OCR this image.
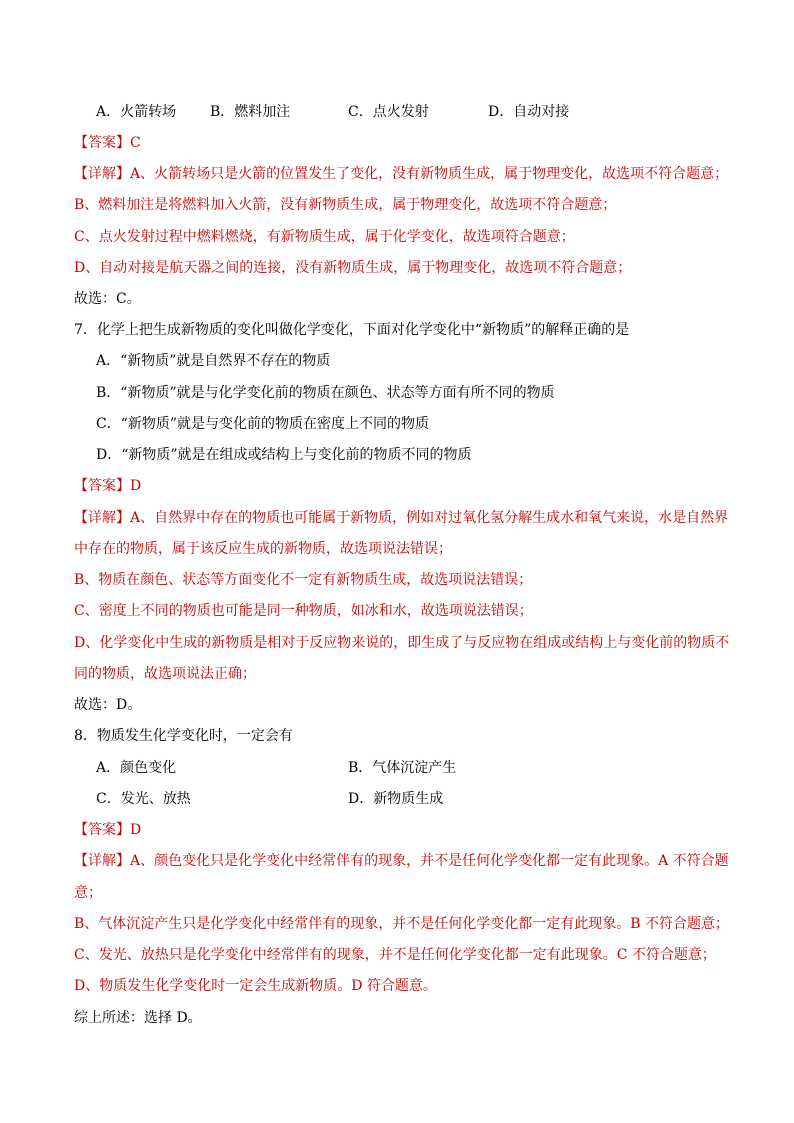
A．火箭转场 B．燃料加注	C．点火发射	D．自动对接
【答案】C
【详解】A、火箭转场只是火箭的位置发生了变化，没有新物质生成，属于物理变化，故选项不符合题意；
B、燃料加注是将燃料加入火箭，没有新物质生成，属于物理变化，故选项不符合题意；
C、点火发射过程中燃料燃烧，有新物质生成，属于化学变化，故选项符合题意；
D、自动对接是航天器之间的连接，没有新物质生成，属于物理变化，故选项不符合题意；
故选：C。
7．化学上把生成新物质的变化叫做化学变化，下面对化学变化中“新物质”的解释正确的是
A．“新物质”就是自然界不存在的物质
B．“新物质”就是与化学变化前的物质在颜色、状态等方面有所不同的物质
C．“新物质”就是与变化前的物质在密度上不同的物质
D．“新物质”就是在组成或结构上与变化前的物质不同的物质
【答案】D
【详解】A、自然界中存在的物质也可能属于新物质，例如对过氧化氢分解生成水和氧气来说，水是自然界
中存在的物质，属于该反应生成的新物质，故选项说法错误；
B、物质在颜色、状态等方面变化不一定有新物质生成，故选项说法错误；
C、密度上不同的物质也可能是同一种物质，如冰和水，故选项说法错误；
D、化学变化中生成的新物质是相对于反应物来说的，即生成了与反应物在组成或结构上与变化前的物质不
同的物质，故选项说法正确；
故选：D。
8．物质发生化学变化时，一定会有
A．颜色变化	B．气体沉淀产生
C．发光、放热	D．新物质生成
【答案】D
【详解】A、颜色变化只是化学变化中经常伴有的现象，并不是任何化学变化都一定有此现象。A 不符合题
意；
B、气体沉淀产生只是化学变化中经常伴有的现象，并不是任何化学变化都一定有此现象。B 不符合题意；
C、发光、放热只是化学变化中经常伴有的现象，并不是任何化学变化都一定有此现象。C 不符合题意；
D、物质发生化学变化时一定会生成新物质。D 符合题意。
综上所述：选择 D。
